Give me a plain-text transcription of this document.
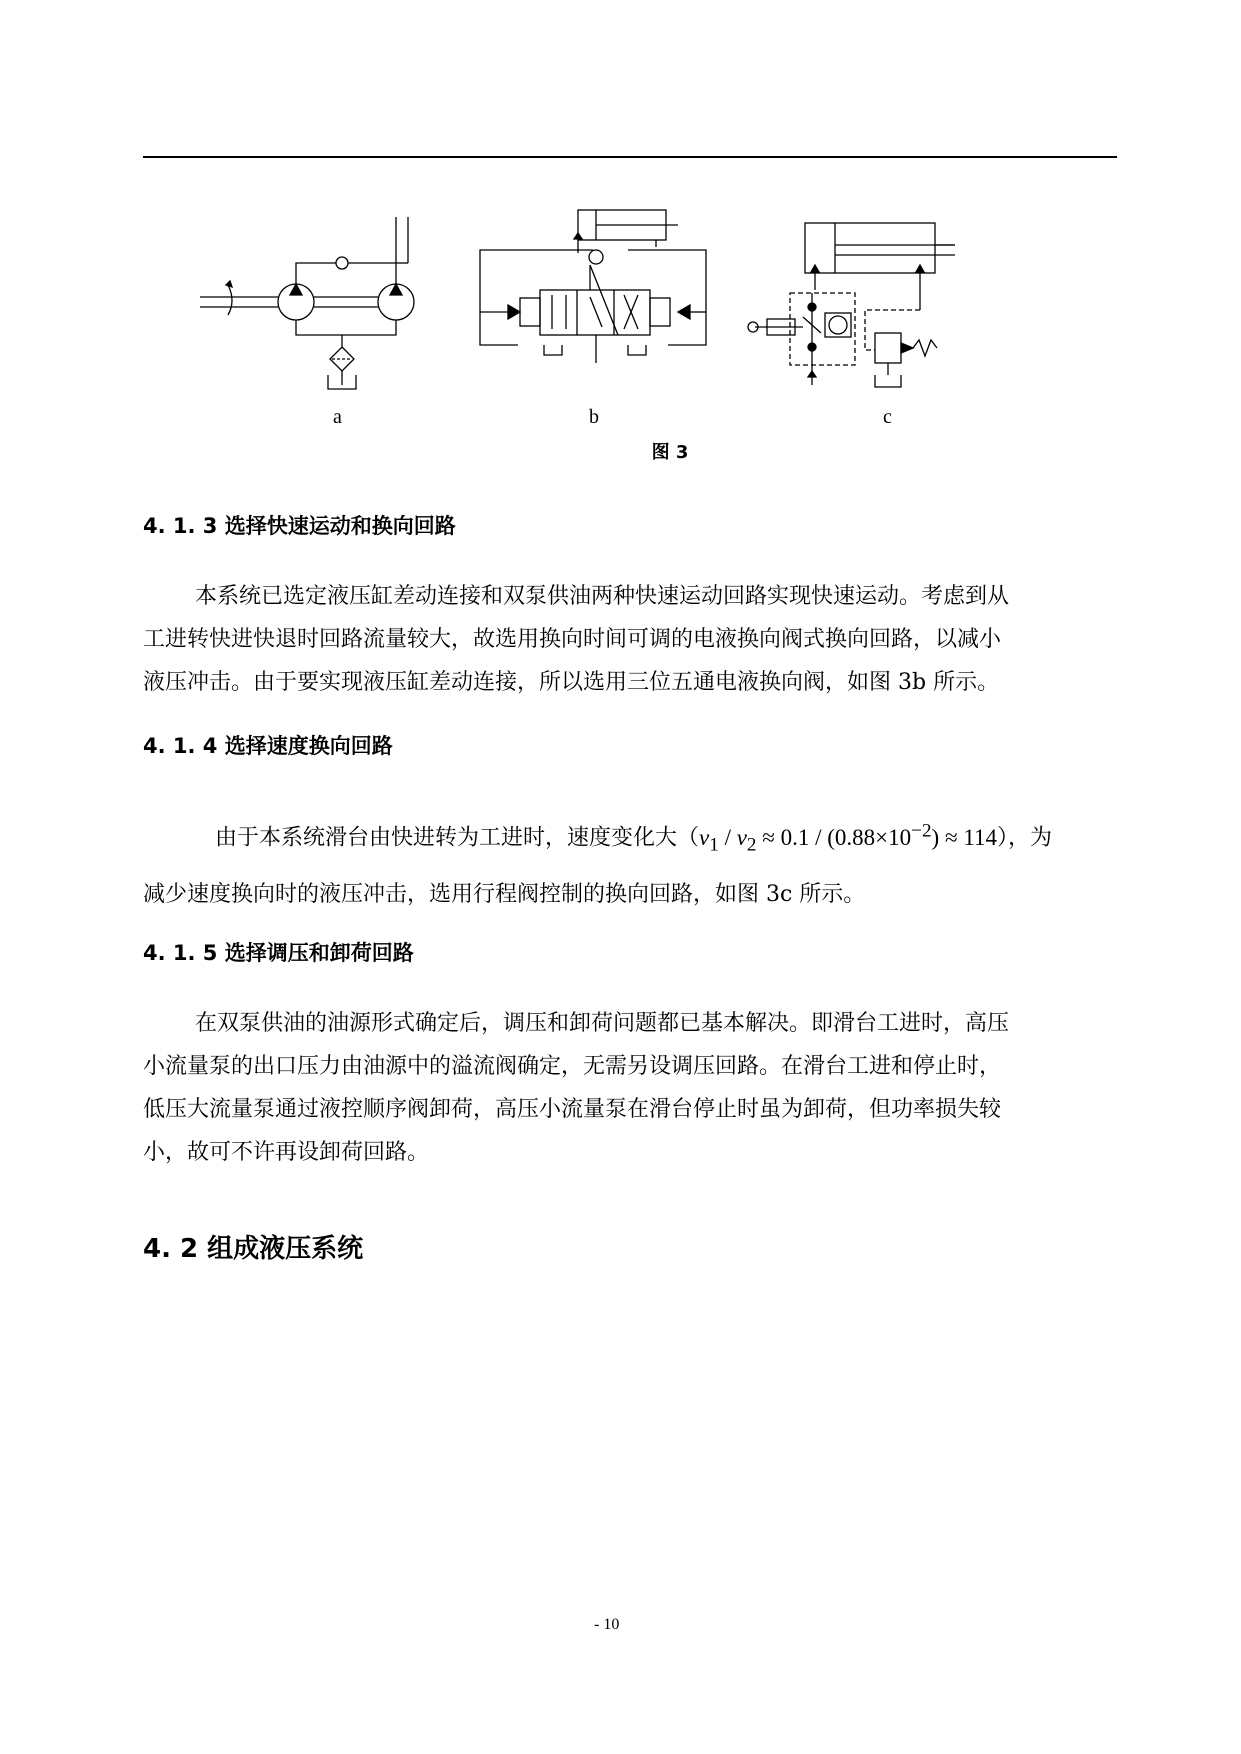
a	b	c
图 3
4. 1. 3 选择快速运动和换向回路

本系统已选定液压缸差动连接和双泵供油两种快速运动回路实现快速运动。考虑到从

工进转快进快退时回路流量较大，故选用换向时间可调的电液换向阀式换向回路，以减小

液压冲击。由于要实现液压缸差动连接，所以选用三位五通电液换向阀，如图 3b 所示。

4. 1. 4 选择速度换向回路

由于本系统滑台由快进转为工进时，速度变化大$(v_1 / v_2 \approx 0.1 / (0.88\times 10^{-2}) \approx 114)$，为

减少速度换向时的液压冲击，选用行程阀控制的换向回路，如图 3c 所示。

4. 1. 5 选择调压和卸荷回路

在双泵供油的油源形式确定后，调压和卸荷问题都已基本解决。即滑台工进时，高压

小流量泵的出口压力由油源中的溢流阀确定，无需另设调压回路。在滑台工进和停止时，

低压大流量泵通过液控顺序阀卸荷，高压小流量泵在滑台停止时虽为卸荷，但功率损失较

小，故可不许再设卸荷回路。

4. 2 组成液压系统
- 10
